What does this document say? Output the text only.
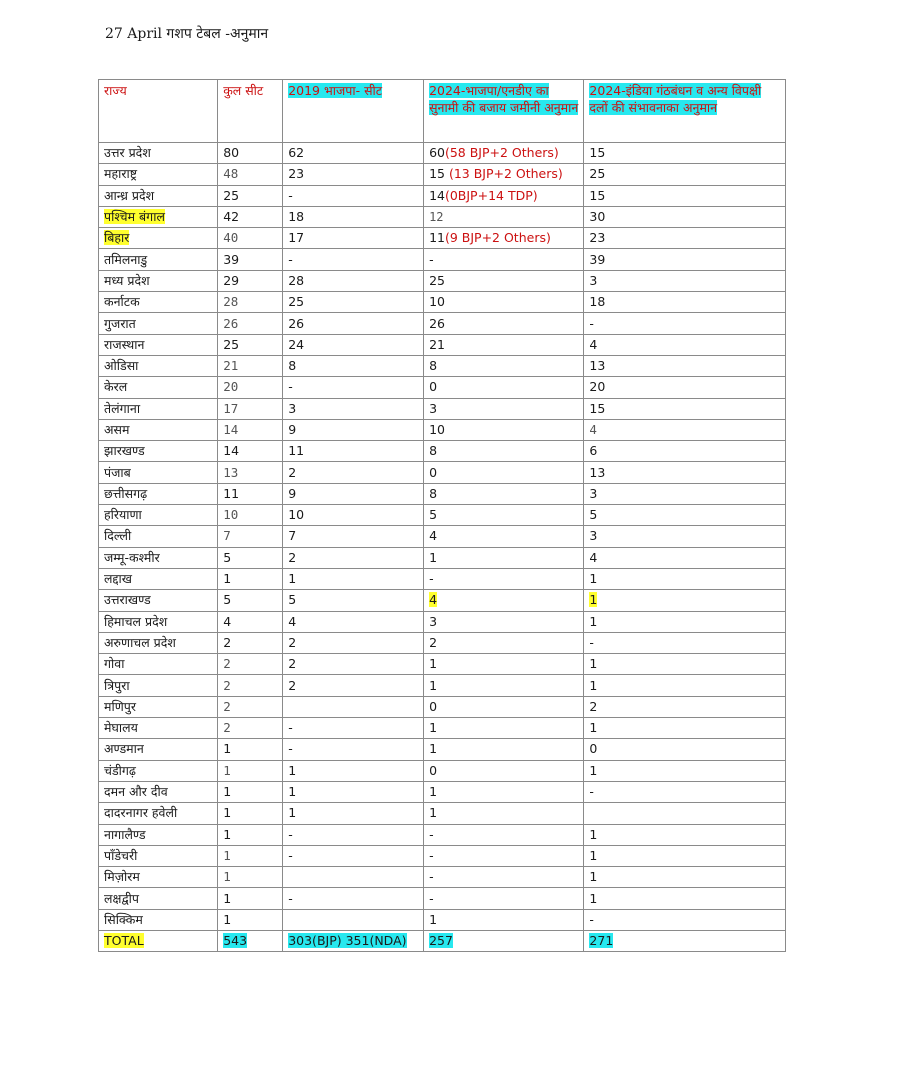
27 April गशप टेबल -अनुमान
राज्य	कुल सीट	2019 भाजपा- सीट	2024-भाजपा/एनडीए का सुनामी की बजाय जमीनी अनुमान	2024-इंडिया गंठबंधन व अन्य विपक्षी दलों की संभावनाका अनुमान
उत्तर प्रदेश	80	62	60(58 BJP+2 Others)	15
महाराष्ट्र	48	23	15 (13 BJP+2 Others)	25
आन्ध्र प्रदेश	25	-	14(0BJP+14 TDP)	15
पश्चिम बंगाल	42	18	12	30
बिहार	40	17	11(9 BJP+2 Others)	23
तमिलनाडु	39	-	-	39
मध्य प्रदेश	29	28	25	3
कर्नाटक	28	25	10	18
गुजरात	26	26	26	-
राजस्थान	25	24	21	4
ओडिसा	21	8	8	13
केरल	20	-	0	20
तेलंगाना	17	3	3	15
असम	14	9	10	4
झारखण्ड	14	11	8	6
पंजाब	13	2	0	13
छत्तीसगढ़	11	9	8	3
हरियाणा	10	10	5	5
दिल्ली	7	7	4	3
जम्मू-कश्मीर	5	2	1	4
लद्दाख	1	1	-	1
उत्तराखण्ड	5	5	4	1
हिमाचल प्रदेश	4	4	3	1
अरुणाचल प्रदेश	2	2	2	-
गोवा	2	2	1	1
त्रिपुरा	2	2	1	1
मणिपुर	2		0	2
मेघालय	2	-	1	1
अण्डमान	1	-	1	0
चंडीगढ़	1	1	0	1
दमन और दीव	1	1	1	-
दादरनागर हवेली	1	1	1	
नागालैण्ड	1	-	-	1
पॉंडेचरी	1	-	-	1
मिज़ोरम	1		-	1
लक्षद्वीप	1	-	-	1
सिक्किम	1		1	-
TOTAL	543	303(BJP) 351(NDA)	257	271
